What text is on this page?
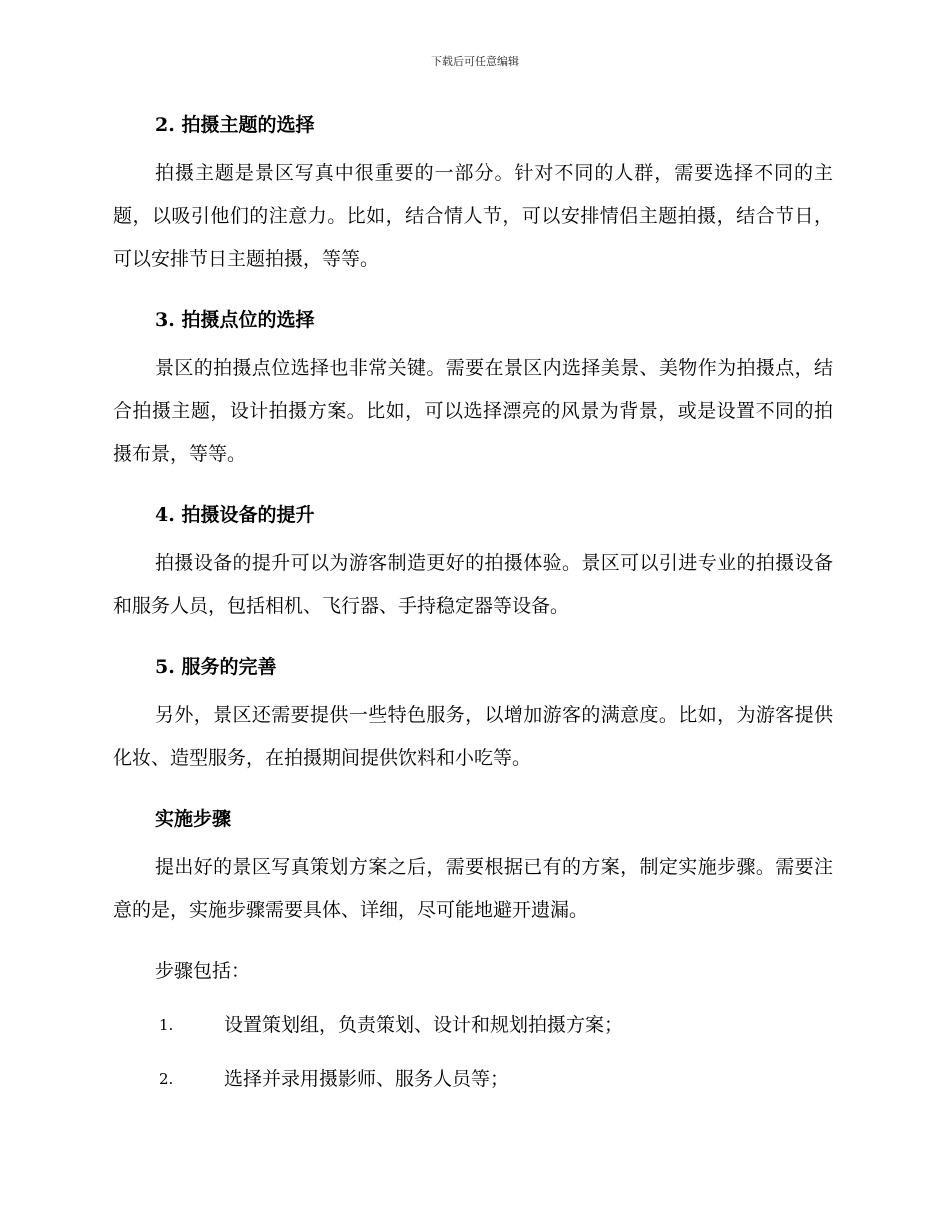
下载后可任意编辑
2. 拍摄主题的选择

拍摄主题是景区写真中很重要的一部分。针对不同的人群，需要选择不同的主题，以吸引他们的注意力。比如，结合情人节，可以安排情侣主题拍摄，结合节日，可以安排节日主题拍摄，等等。

3. 拍摄点位的选择

景区的拍摄点位选择也非常关键。需要在景区内选择美景、美物作为拍摄点，结合拍摄主题，设计拍摄方案。比如，可以选择漂亮的风景为背景，或是设置不同的拍摄布景，等等。

4. 拍摄设备的提升

拍摄设备的提升可以为游客制造更好的拍摄体验。景区可以引进专业的拍摄设备和服务人员，包括相机、飞行器、手持稳定器等设备。

5. 服务的完善

另外，景区还需要提供一些特色服务，以增加游客的满意度。比如，为游客提供化妆、造型服务，在拍摄期间提供饮料和小吃等。

实施步骤

提出好的景区写真策划方案之后，需要根据已有的方案，制定实施步骤。需要注意的是，实施步骤需要具体、详细，尽可能地避开遗漏。

步骤包括：

1.	设置策划组，负责策划、设计和规划拍摄方案；
2.	选择并录用摄影师、服务人员等；
